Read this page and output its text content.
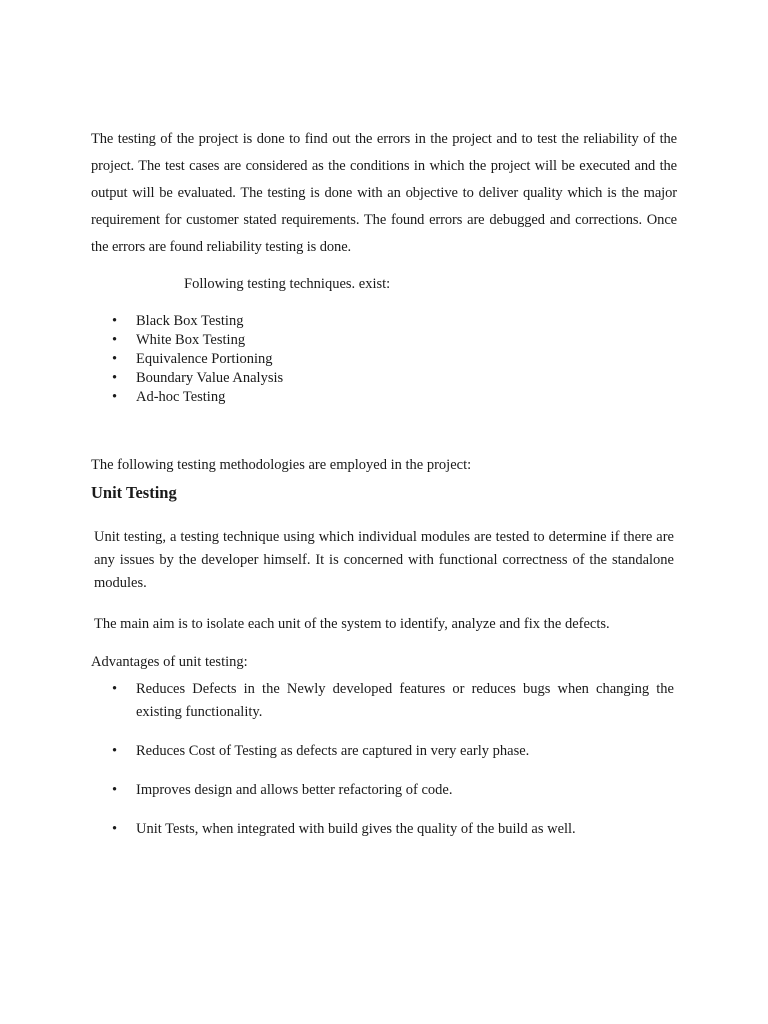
The testing of the project is done to find out the errors in the project and to test the reliability of the project. The test cases are considered as the conditions in which the project will be executed and the output will be evaluated. The testing is done with an objective to deliver quality which is the major requirement for customer stated requirements. The found errors are debugged and corrections. Once the errors are found reliability testing is done.

Following testing techniques. exist:

• Black Box Testing
• White Box Testing
• Equivalence Portioning
• Boundary Value Analysis
• Ad-hoc Testing

The following testing methodologies are employed in the project:

Unit Testing

Unit testing, a testing technique using which individual modules are tested to determine if there are any issues by the developer himself. It is concerned with functional correctness of the standalone modules.

The main aim is to isolate each unit of the system to identify, analyze and fix the defects.

Advantages of unit testing:

• Reduces Defects in the Newly developed features or reduces bugs when changing the existing functionality.
• Reduces Cost of Testing as defects are captured in very early phase.
• Improves design and allows better refactoring of code.
• Unit Tests, when integrated with build gives the quality of the build as well.
